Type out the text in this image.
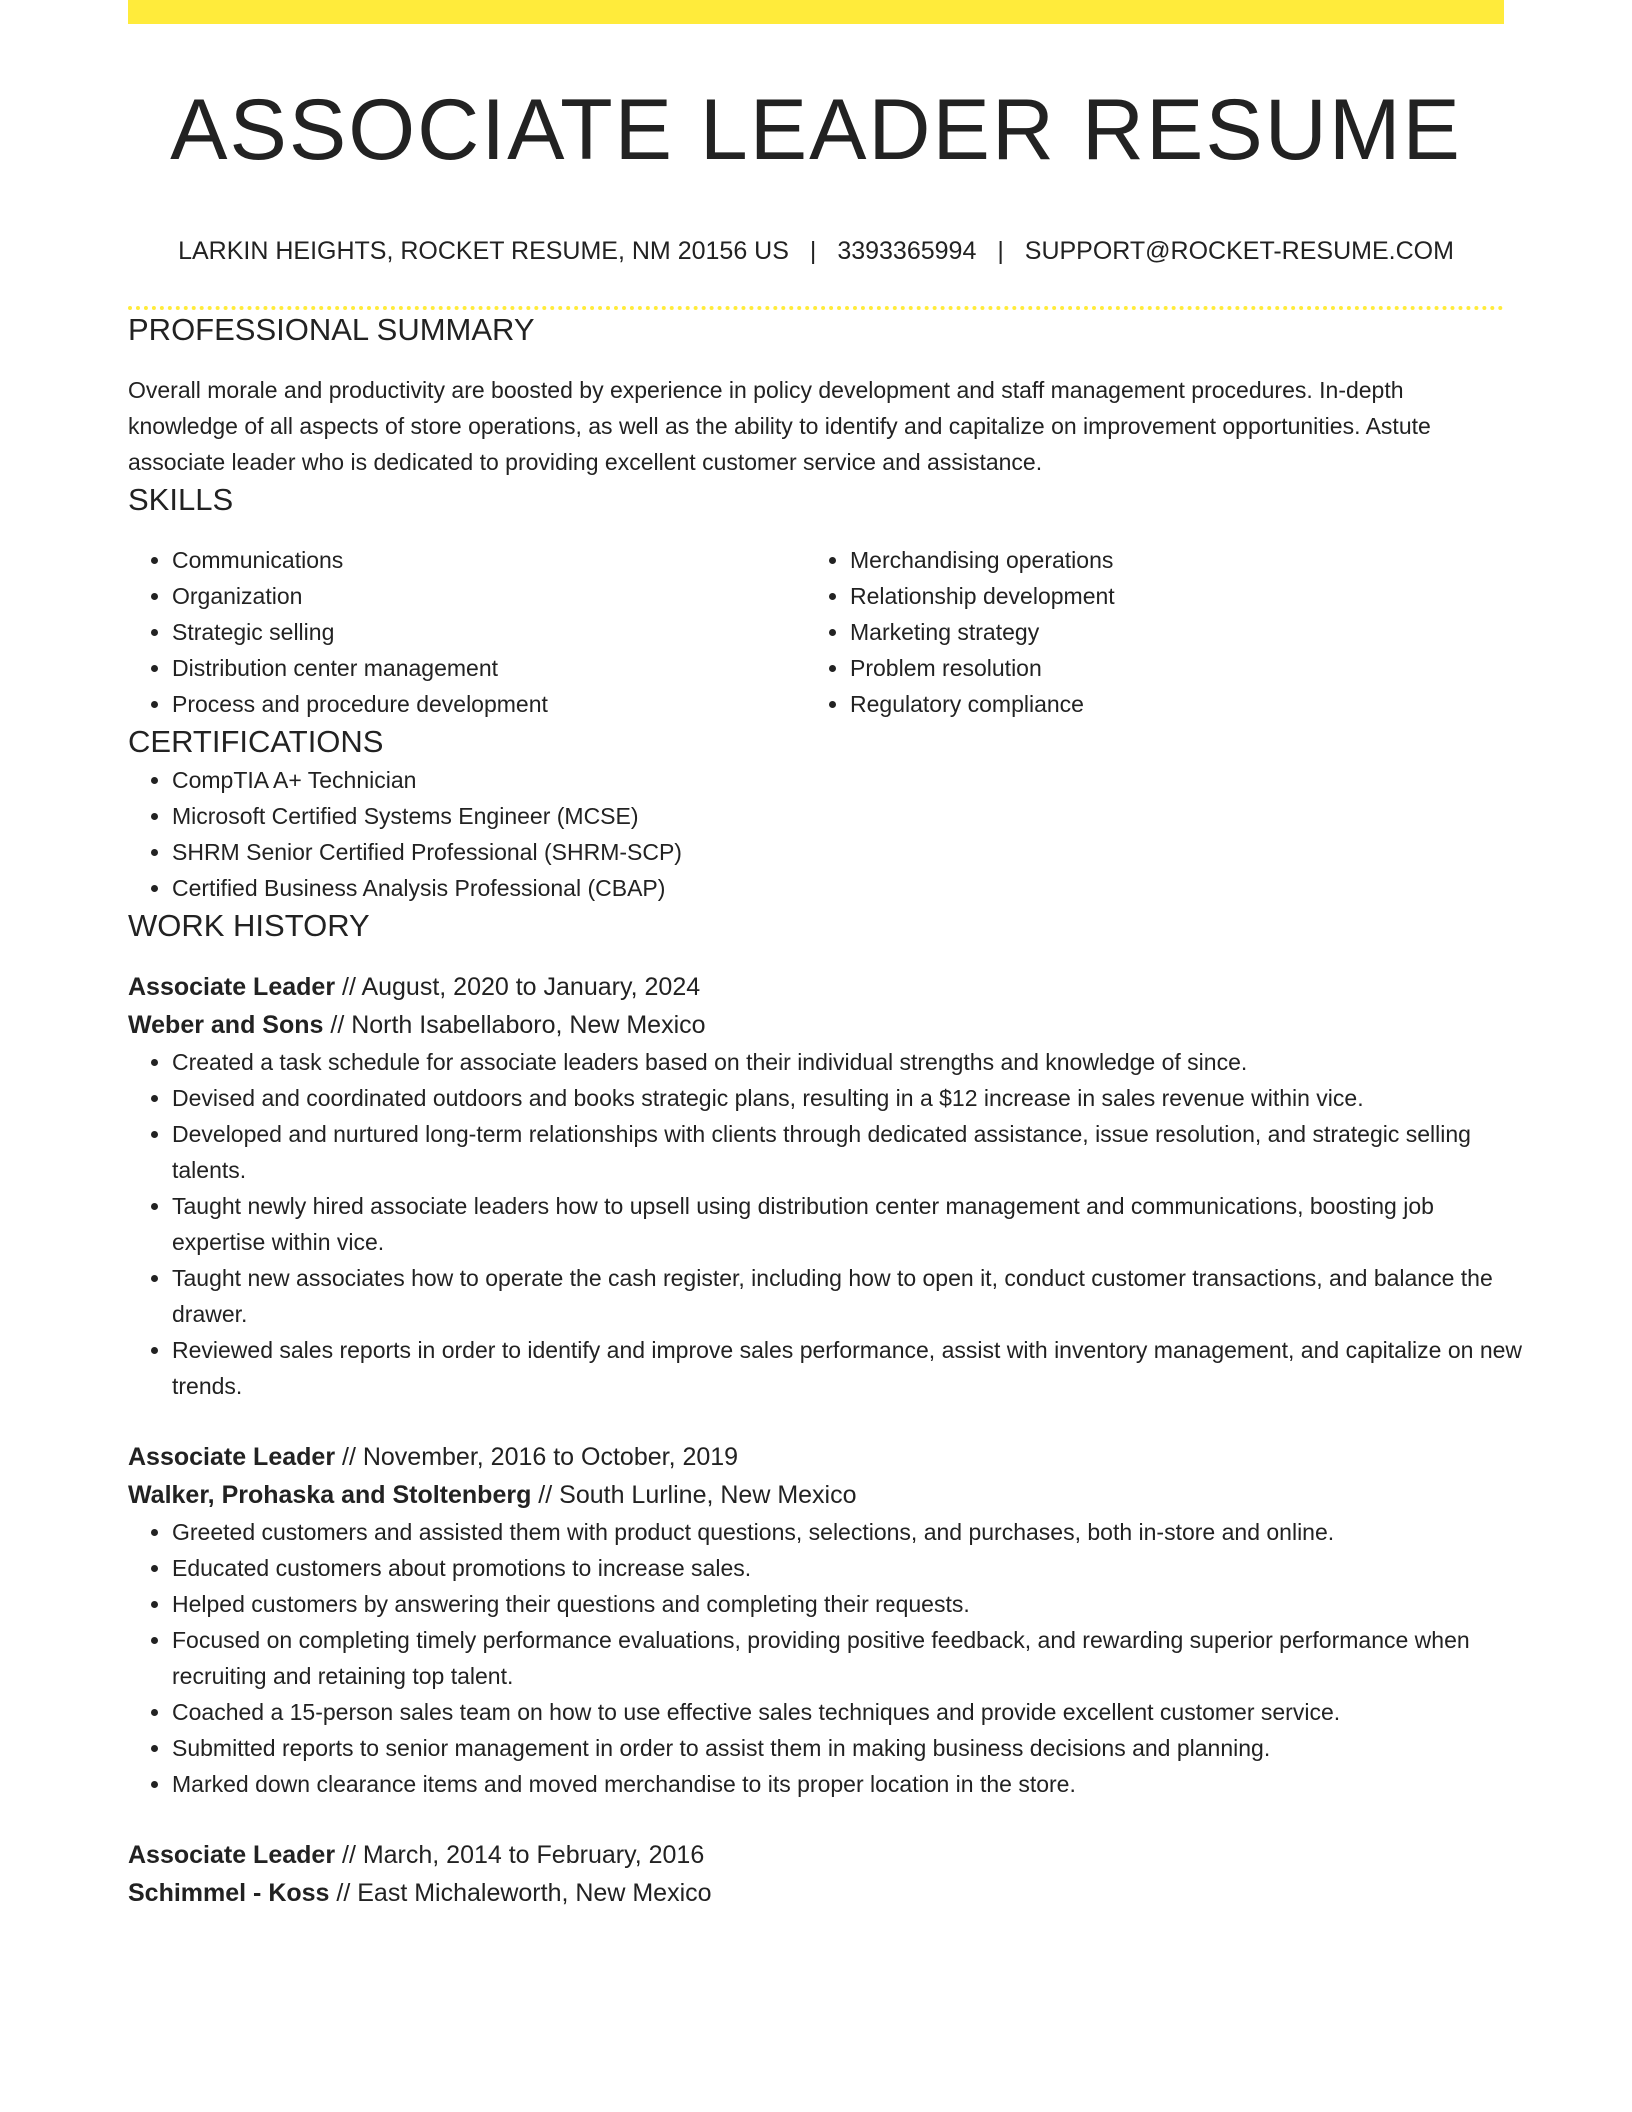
ASSOCIATE LEADER RESUME
LARKIN HEIGHTS, ROCKET RESUME, NM 20156 US | 3393365994 | SUPPORT@ROCKET-RESUME.COM
PROFESSIONAL SUMMARY

Overall morale and productivity are boosted by experience in policy development and staff management procedures. In-depth knowledge of all aspects of store operations, as well as the ability to identify and capitalize on improvement opportunities. Astute associate leader who is dedicated to providing excellent customer service and assistance.

SKILLS
• Communications
• Organization
• Strategic selling
• Distribution center management
• Process and procedure development
• Merchandising operations
• Relationship development
• Marketing strategy
• Problem resolution
• Regulatory compliance
CERTIFICATIONS
• CompTIA A+ Technician
• Microsoft Certified Systems Engineer (MCSE)
• SHRM Senior Certified Professional (SHRM-SCP)
• Certified Business Analysis Professional (CBAP)
WORK HISTORY
Associate Leader // August, 2020 to January, 2024
Weber and Sons // North Isabellaboro, New Mexico
• Created a task schedule for associate leaders based on their individual strengths and knowledge of since.
• Devised and coordinated outdoors and books strategic plans, resulting in a $12 increase in sales revenue within vice.
• Developed and nurtured long-term relationships with clients through dedicated assistance, issue resolution, and strategic selling talents.
• Taught newly hired associate leaders how to upsell using distribution center management and communications, boosting job expertise within vice.
• Taught new associates how to operate the cash register, including how to open it, conduct customer transactions, and balance the drawer.
• Reviewed sales reports in order to identify and improve sales performance, assist with inventory management, and capitalize on new trends.
Associate Leader // November, 2016 to October, 2019
Walker, Prohaska and Stoltenberg // South Lurline, New Mexico
• Greeted customers and assisted them with product questions, selections, and purchases, both in-store and online.
• Educated customers about promotions to increase sales.
• Helped customers by answering their questions and completing their requests.
• Focused on completing timely performance evaluations, providing positive feedback, and rewarding superior performance when recruiting and retaining top talent.
• Coached a 15-person sales team on how to use effective sales techniques and provide excellent customer service.
• Submitted reports to senior management in order to assist them in making business decisions and planning.
• Marked down clearance items and moved merchandise to its proper location in the store.
Associate Leader // March, 2014 to February, 2016
Schimmel - Koss // East Michaleworth, New Mexico
